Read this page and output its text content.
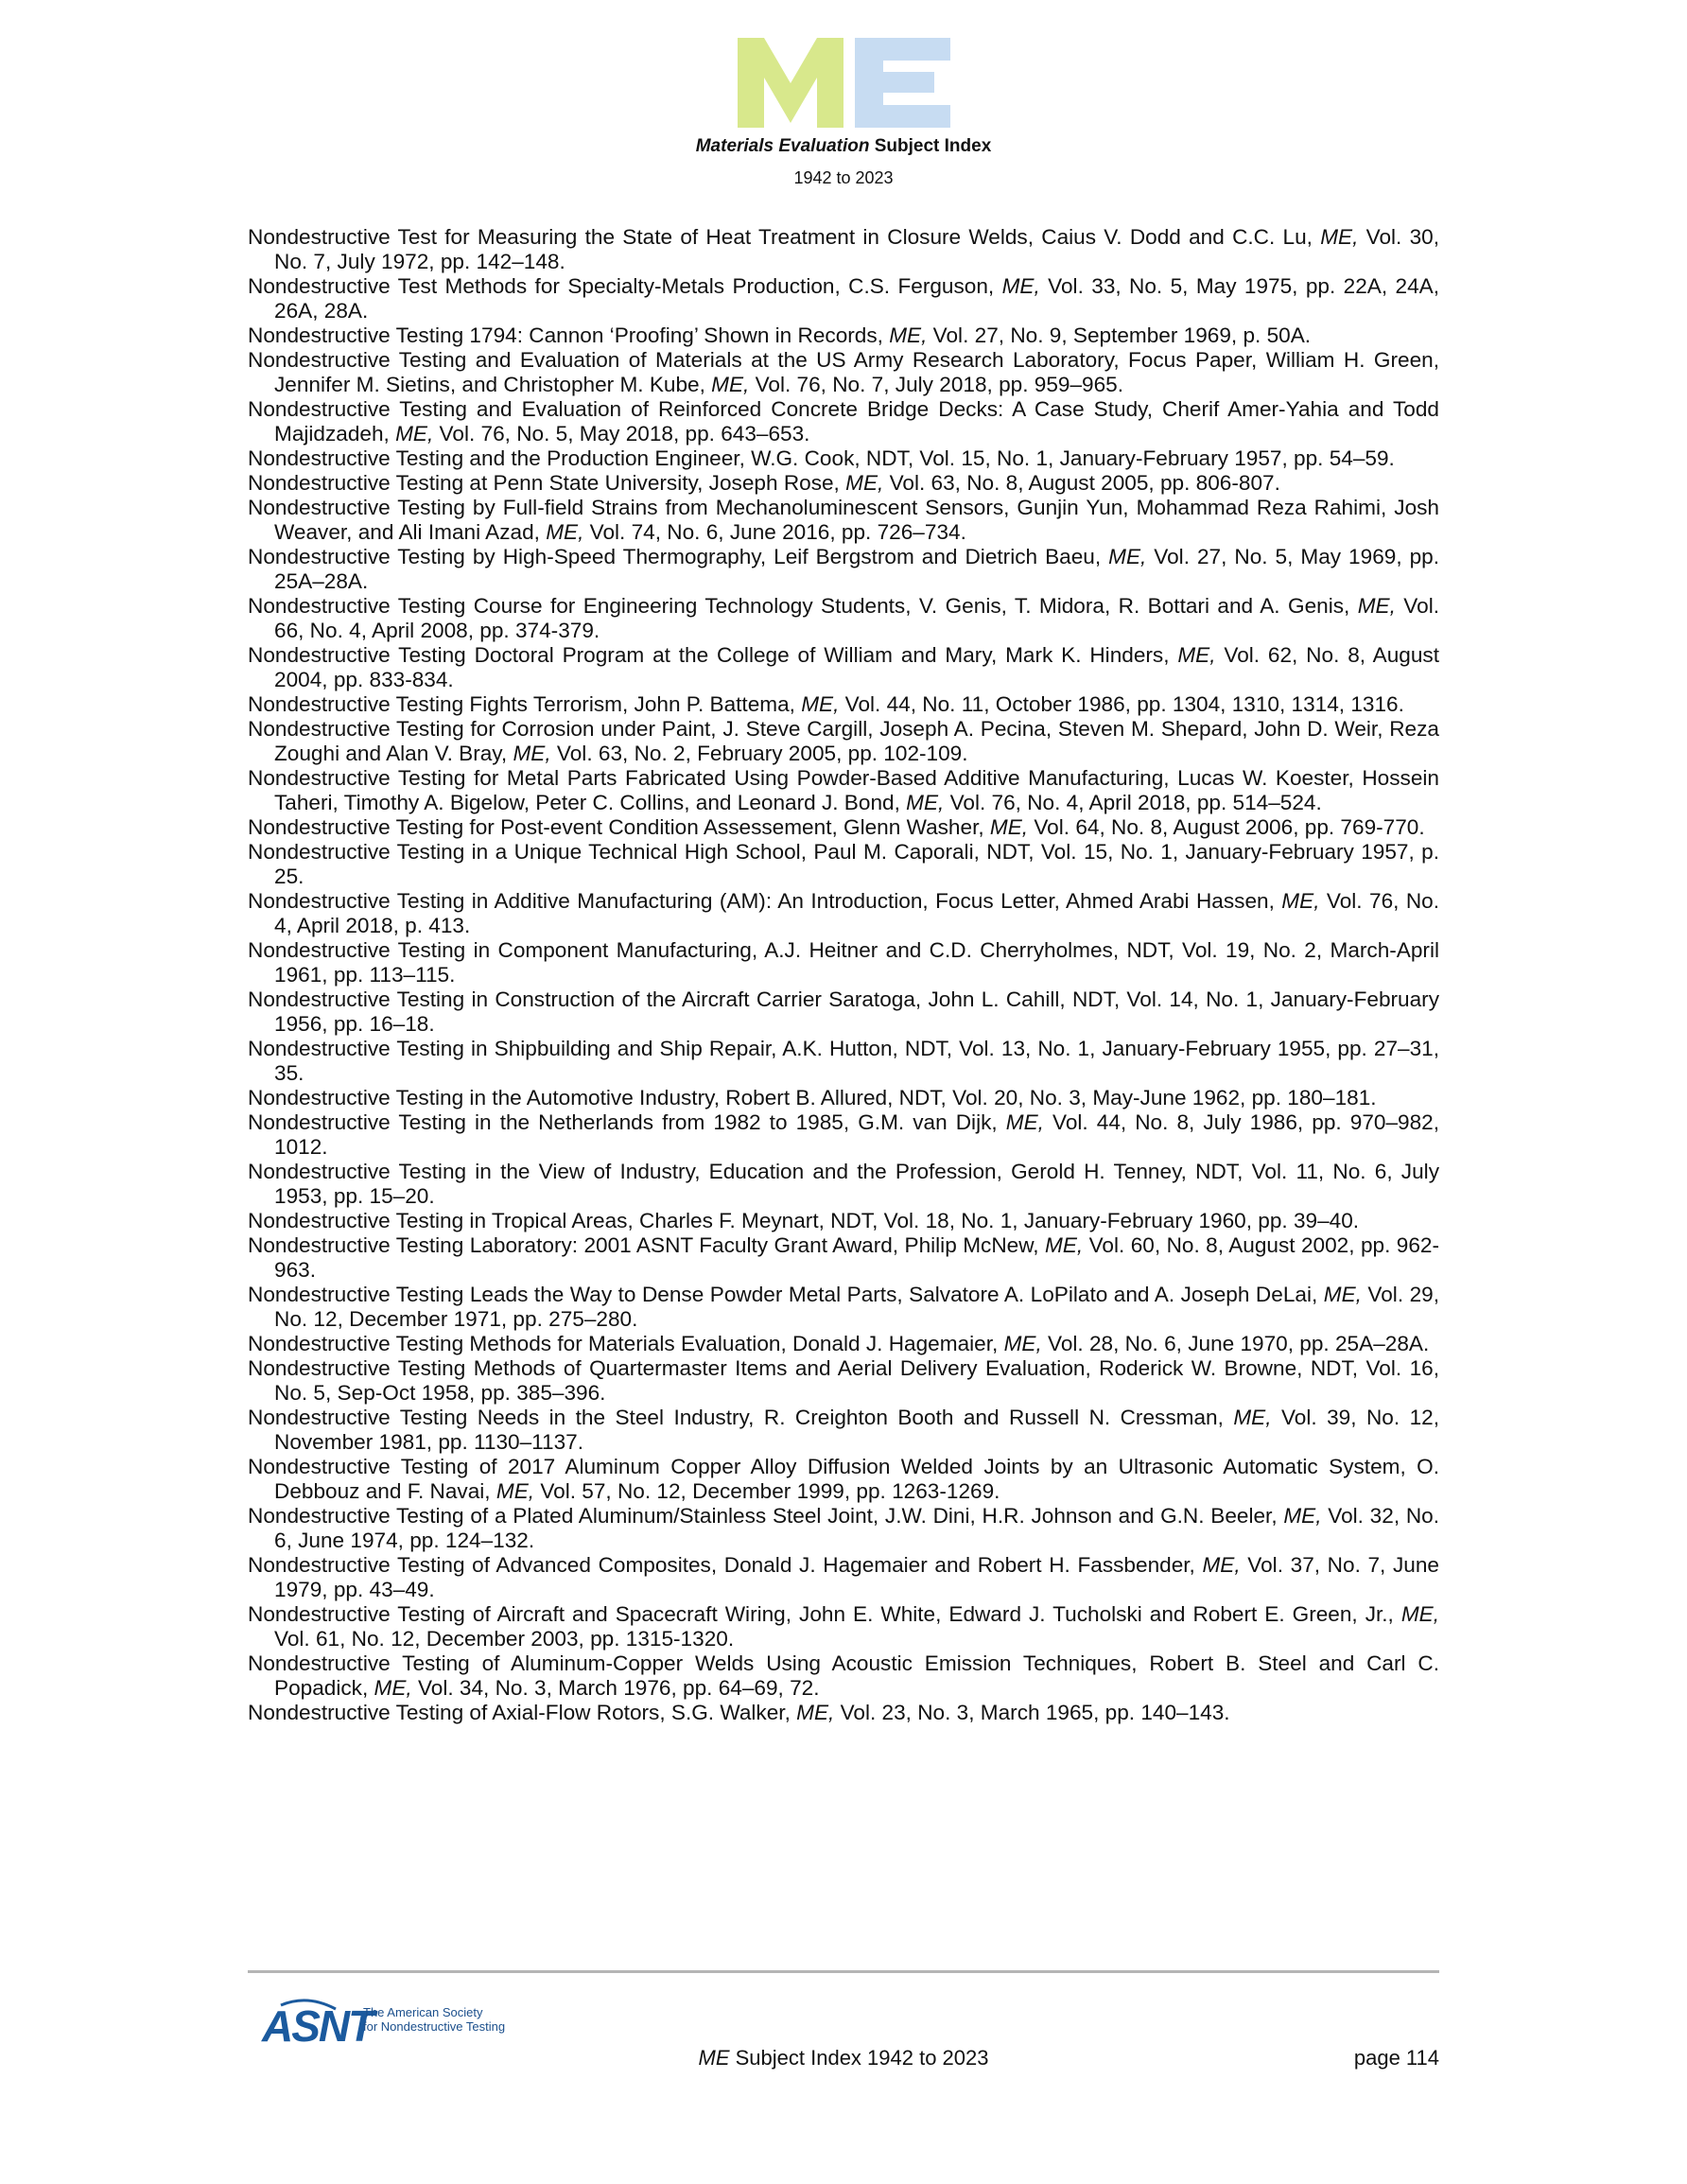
Materials Evaluation Subject Index
1942 to 2023

Nondestructive Test for Measuring the State of Heat Treatment in Closure Welds, Caius V. Dodd and C.C. Lu, ME, Vol. 30, No. 7, July 1972, pp. 142–148.

Nondestructive Test Methods for Specialty-Metals Production, C.S. Ferguson, ME, Vol. 33, No. 5, May 1975, pp. 22A, 24A, 26A, 28A.

Nondestructive Testing 1794: Cannon ‘Proofing’ Shown in Records, ME, Vol. 27, No. 9, September 1969, p. 50A.

Nondestructive Testing and Evaluation of Materials at the US Army Research Laboratory, Focus Paper, William H. Green, Jennifer M. Sietins, and Christopher M. Kube, ME, Vol. 76, No. 7, July 2018, pp. 959–965.

Nondestructive Testing and Evaluation of Reinforced Concrete Bridge Decks: A Case Study, Cherif Amer-Yahia and Todd Majidzadeh, ME, Vol. 76, No. 5, May 2018, pp. 643–653.

Nondestructive Testing and the Production Engineer, W.G. Cook, NDT, Vol. 15, No. 1, January-February 1957, pp. 54–59.

Nondestructive Testing at Penn State University, Joseph Rose, ME, Vol. 63, No. 8, August 2005, pp. 806-807.

Nondestructive Testing by Full-field Strains from Mechanoluminescent Sensors, Gunjin Yun, Mohammad Reza Rahimi, Josh Weaver, and Ali Imani Azad, ME, Vol. 74, No. 6, June 2016, pp. 726–734.

Nondestructive Testing by High-Speed Thermography, Leif Bergstrom and Dietrich Baeu, ME, Vol. 27, No. 5, May 1969, pp. 25A–28A.

Nondestructive Testing Course for Engineering Technology Students, V. Genis, T. Midora, R. Bottari and A. Genis, ME, Vol. 66, No. 4, April 2008, pp. 374-379.

Nondestructive Testing Doctoral Program at the College of William and Mary, Mark K. Hinders, ME, Vol. 62, No. 8, August 2004, pp. 833-834.

Nondestructive Testing Fights Terrorism, John P. Battema, ME, Vol. 44, No. 11, October 1986, pp. 1304, 1310, 1314, 1316.

Nondestructive Testing for Corrosion under Paint, J. Steve Cargill, Joseph A. Pecina, Steven M. Shepard, John D. Weir, Reza Zoughi and Alan V. Bray, ME, Vol. 63, No. 2, February 2005, pp. 102-109.

Nondestructive Testing for Metal Parts Fabricated Using Powder-Based Additive Manufacturing, Lucas W. Koester, Hossein Taheri, Timothy A. Bigelow, Peter C. Collins, and Leonard J. Bond, ME, Vol. 76, No. 4, April 2018, pp. 514–524.

Nondestructive Testing for Post-event Condition Assessement, Glenn Washer, ME, Vol. 64, No. 8, August 2006, pp. 769-770.

Nondestructive Testing in a Unique Technical High School, Paul M. Caporali, NDT, Vol. 15, No. 1, January-February 1957, p. 25.

Nondestructive Testing in Additive Manufacturing (AM): An Introduction, Focus Letter, Ahmed Arabi Hassen, ME, Vol. 76, No. 4, April 2018, p. 413.

Nondestructive Testing in Component Manufacturing, A.J. Heitner and C.D. Cherryholmes, NDT, Vol. 19, No. 2, March-April 1961, pp. 113–115.

Nondestructive Testing in Construction of the Aircraft Carrier Saratoga, John L. Cahill, NDT, Vol. 14, No. 1, January-February 1956, pp. 16–18.

Nondestructive Testing in Shipbuilding and Ship Repair, A.K. Hutton, NDT, Vol. 13, No. 1, January-February 1955, pp. 27–31, 35.

Nondestructive Testing in the Automotive Industry, Robert B. Allured, NDT, Vol. 20, No. 3, May-June 1962, pp. 180–181.

Nondestructive Testing in the Netherlands from 1982 to 1985, G.M. van Dijk, ME, Vol. 44, No. 8, July 1986, pp. 970–982, 1012.

Nondestructive Testing in the View of Industry, Education and the Profession, Gerold H. Tenney, NDT, Vol. 11, No. 6, July 1953, pp. 15–20.

Nondestructive Testing in Tropical Areas, Charles F. Meynart, NDT, Vol. 18, No. 1, January-February 1960, pp. 39–40.

Nondestructive Testing Laboratory: 2001 ASNT Faculty Grant Award, Philip McNew, ME, Vol. 60, No. 8, August 2002, pp. 962-963.

Nondestructive Testing Leads the Way to Dense Powder Metal Parts, Salvatore A. LoPilato and A. Joseph DeLai, ME, Vol. 29, No. 12, December 1971, pp. 275–280.

Nondestructive Testing Methods for Materials Evaluation, Donald J. Hagemaier, ME, Vol. 28, No. 6, June 1970, pp. 25A–28A.

Nondestructive Testing Methods of Quartermaster Items and Aerial Delivery Evaluation, Roderick W. Browne, NDT, Vol. 16, No. 5, Sep-Oct 1958, pp. 385–396.

Nondestructive Testing Needs in the Steel Industry, R. Creighton Booth and Russell N. Cressman, ME, Vol. 39, No. 12, November 1981, pp. 1130–1137.

Nondestructive Testing of 2017 Aluminum Copper Alloy Diffusion Welded Joints by an Ultrasonic Automatic System, O. Debbouz and F. Navai, ME, Vol. 57, No. 12, December 1999, pp. 1263-1269.

Nondestructive Testing of a Plated Aluminum/Stainless Steel Joint, J.W. Dini, H.R. Johnson and G.N. Beeler, ME, Vol. 32, No. 6, June 1974, pp. 124–132.

Nondestructive Testing of Advanced Composites, Donald J. Hagemaier and Robert H. Fassbender, ME, Vol. 37, No. 7, June 1979, pp. 43–49.

Nondestructive Testing of Aircraft and Spacecraft Wiring, John E. White, Edward J. Tucholski and Robert E. Green, Jr., ME, Vol. 61, No. 12, December 2003, pp. 1315-1320.

Nondestructive Testing of Aluminum-Copper Welds Using Acoustic Emission Techniques, Robert B. Steel and Carl C. Popadick, ME, Vol. 34, No. 3, March 1976, pp. 64–69, 72.

Nondestructive Testing of Axial-Flow Rotors, S.G. Walker, ME, Vol. 23, No. 3, March 1965, pp. 140–143.

ASNT
The American Society
for Nondestructive Testing
ME Subject Index 1942 to 2023	page 114
